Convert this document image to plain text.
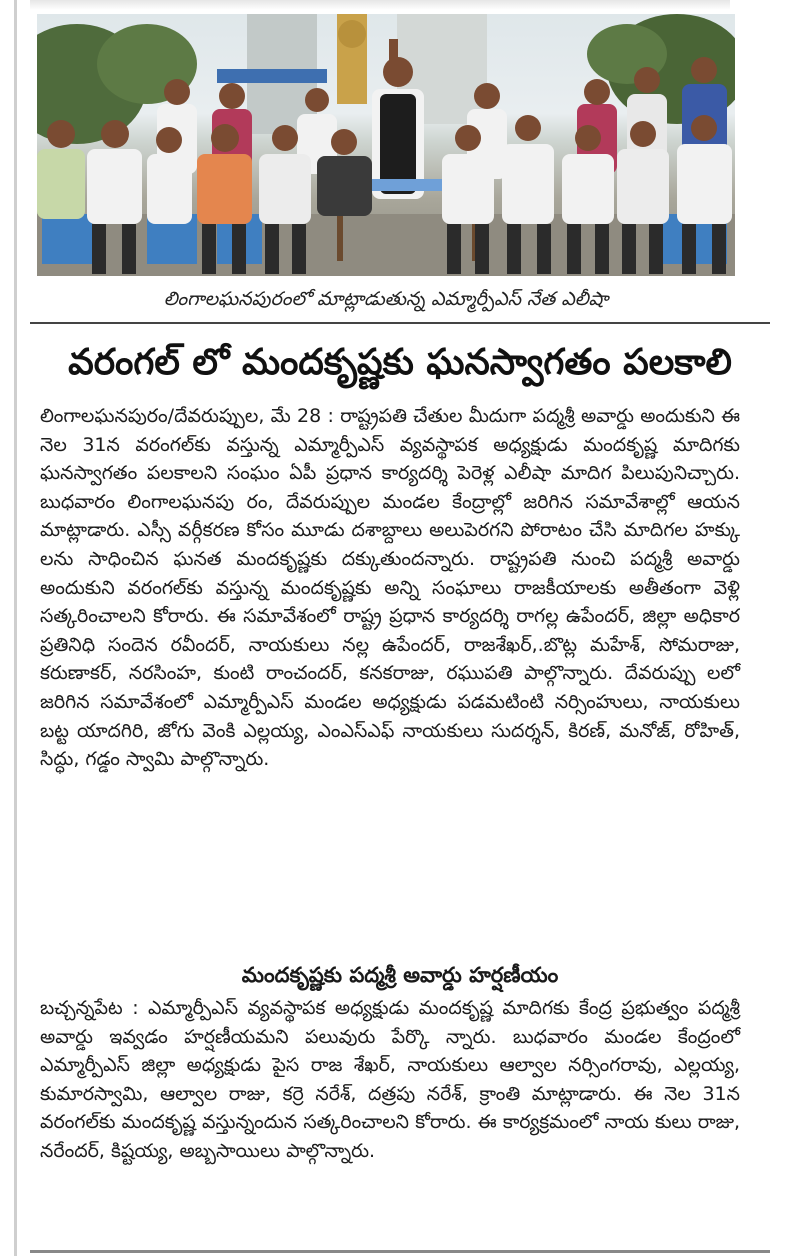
లింగాలఘనపురంలో మాట్లాడుతున్న ఎమ్మార్పీఎస్ నేత ఎలీషా
వరంగల్ లో మందకృష్ణకు ఘనస్వాగతం పలకాలి

లింగాలఘనపురం/దేవరుప్పుల, మే 28 : రాష్ట్రపతి చేతుల మీదుగా పద్మశ్రీ అవార్డు అందుకుని ఈ నెల 31న వరంగల్‌కు వస్తున్న ఎమ్మార్పీఎస్ వ్యవస్థాపక అధ్యక్షుడు మందకృష్ణ మాదిగకు ఘనస్వాగతం పలకాలని సంఘం ఏపీ ప్రధాన కార్యదర్శి పెరెళ్ల ఎలీషా మాదిగ పిలుపునిచ్చారు. బుధవారం లింగాలఘనపు రం, దేవరుప్పుల మండల కేంద్రాల్లో జరిగిన సమావేశాల్లో ఆయన మాట్లాడారు. ఎస్సీ వర్గీకరణ కోసం మూడు దశాబ్దాలు అలుపెరగని పోరాటం చేసి మాదిగల హక్కు లను సాధించిన ఘనత మందకృష్ణకు దక్కుతుందన్నారు. రాష్ట్రపతి నుంచి పద్మశ్రీ అవార్డు అందుకుని వరంగల్‌కు వస్తున్న మందకృష్ణకు అన్ని సంఘాలు రాజకీయాలకు అతీతంగా వెళ్లి సత్కరించాలని కోరారు. ఈ సమావేశంలో రాష్ట్ర ప్రధాన కార్యదర్శి రాగల్ల ఉపేందర్, జిల్లా అధికార ప్రతినిధి సందెన రవీందర్, నాయకులు నల్ల ఉపేందర్, రాజశేఖర్,.బొట్ల మహేశ్, సోమరాజు, కరుణాకర్, నరసింహ, కుంటి రాంచందర్, కనకరాజు, రఘుపతి పాల్గొన్నారు. దేవరుప్పు లలో జరిగిన సమావేశంలో ఎమ్మార్పీఎస్ మండల అధ్యక్షుడు పడమటింటి నర్సింహులు, నాయకులు బట్ట యాదగిరి, జోగు వెంకి ఎల్లయ్య, ఎంఎస్ఎఫ్ నాయకులు సుదర్శన్, కిరణ్, మనోజ్, రోహిత్, సిద్ధు, గడ్డం స్వామి పాల్గొన్నారు.

మందకృష్ణకు పద్మశ్రీ అవార్డు హర్షణీయం

బచ్చన్నపేట : ఎమ్మార్పీఎస్ వ్యవస్థాపక అధ్యక్షుడు మందకృష్ణ మాదిగకు కేంద్ర ప్రభుత్వం పద్మశ్రీ అవార్డు ఇవ్వడం హర్షణీయమని పలువురు పేర్కొ న్నారు. బుధవారం మండల కేంద్రంలో ఎమ్మార్పీఎస్ జిల్లా అధ్యక్షుడు పైస రాజ శేఖర్, నాయకులు ఆల్వాల నర్సింగరావు, ఎల్లయ్య, కుమారస్వామి, ఆల్వాల రాజు, కర్రె నరేశ్, దత్రపు నరేశ్, క్రాంతి మాట్లాడారు. ఈ నెల 31న వరంగల్‌కు మందకృష్ణ వస్తున్నందున సత్కరించాలని కోరారు. ఈ కార్యక్రమంలో నాయ కులు రాజు, నరేందర్, కిష్టయ్య, అబ్బసాయిలు పాల్గొన్నారు.
